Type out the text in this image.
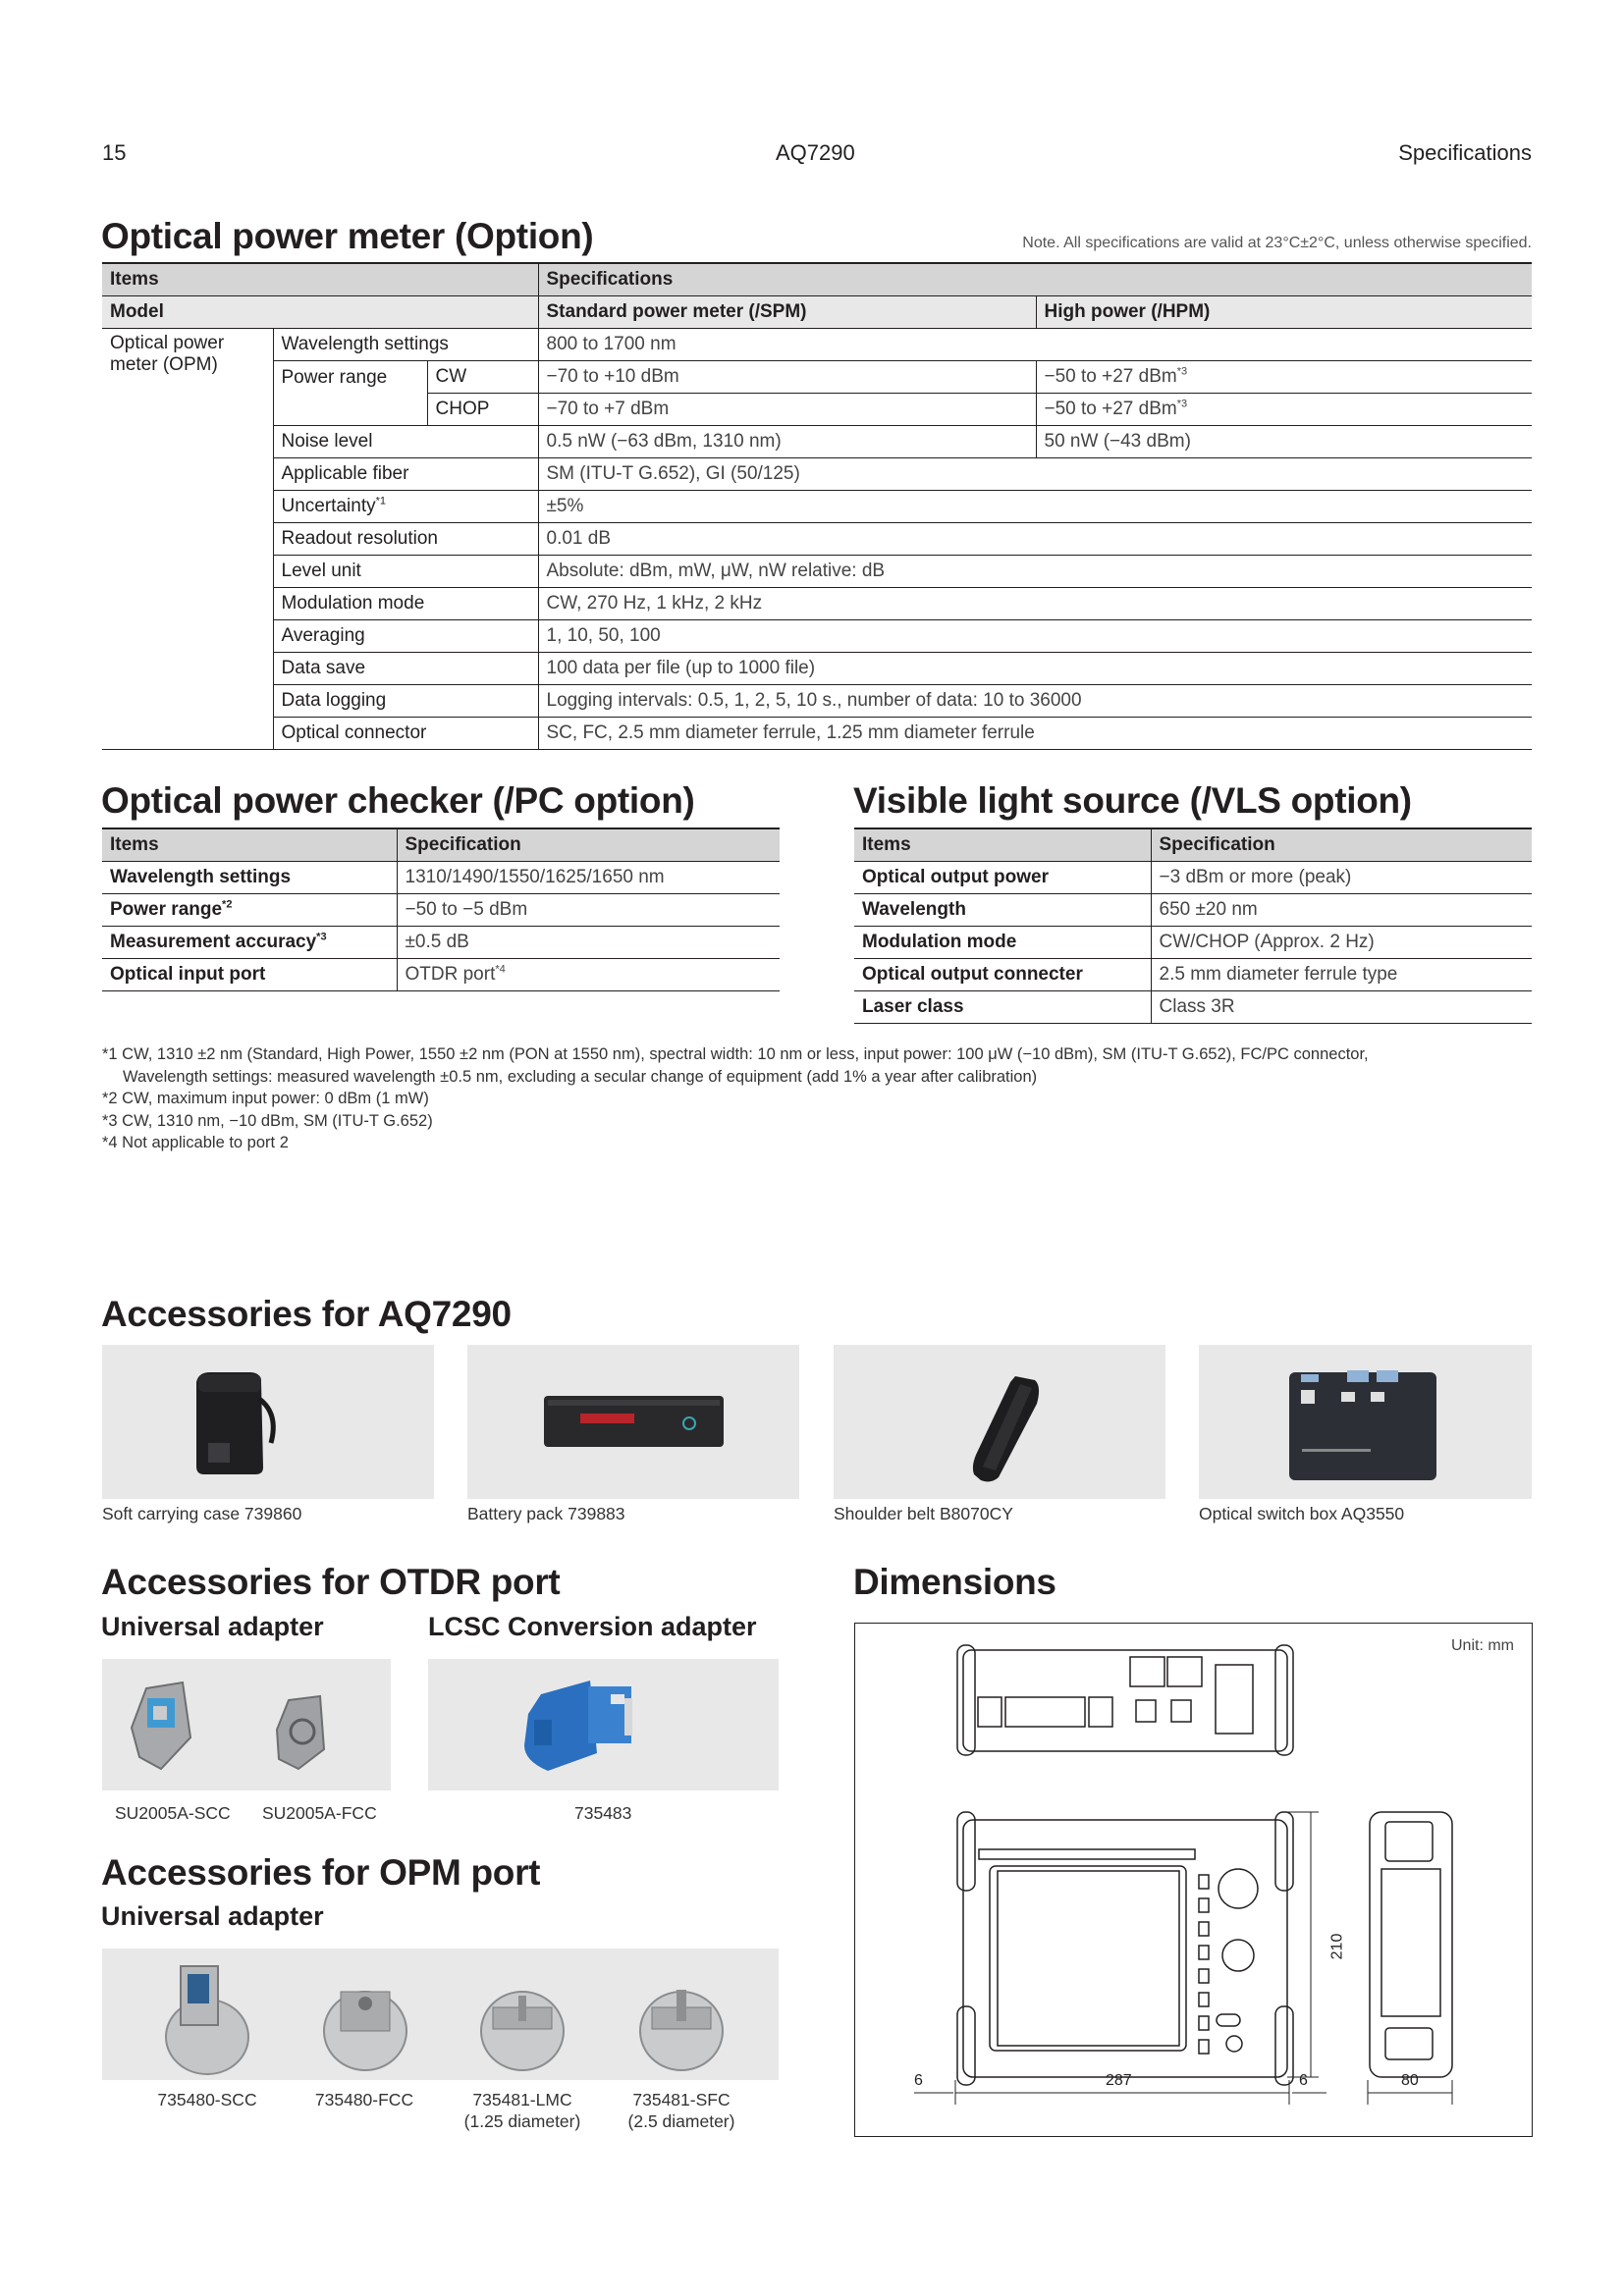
15	AQ7290	Specifications
Optical power meter (Option)	Note. All specifications are valid at 23°C±2°C, unless otherwise specified.
Items			Specifications	
Model			Standard power meter (/SPM)	High power (/HPM)
Optical power meter (OPM)	Wavelength settings		800 to 1700 nm	
	Power range	CW	−70 to +10 dBm	−50 to +27 dBm$^{*3}$
		CHOP	−70 to +7 dBm	−50 to +27 dBm$^{*3}$
	Noise level		0.5 nW (−63 dBm, 1310 nm)	50 nW (−43 dBm)
	Applicable fiber		SM (ITU-T G.652), GI (50/125)	
	Uncertainty$^{*1}$		±5%	
	Readout resolution		0.01 dB	
	Level unit		Absolute: dBm, mW, μW, nW relative: dB	
	Modulation mode		CW, 270 Hz, 1 kHz, 2 kHz	
	Averaging		1, 10, 50, 100	
	Data save		100 data per file (up to 1000 file)	
	Data logging		Logging intervals: 0.5, 1, 2, 5, 10 s., number of data: 10 to 36000	
	Optical connector		SC, FC, 2.5 mm diameter ferrule, 1.25 mm diameter ferrule	
Optical power checker (/PC option)
Items	Specification
Wavelength settings	1310/1490/1550/1625/1650 nm
Power range$^{*2}$	−50 to −5 dBm
Measurement accuracy$^{*3}$	±0.5 dB
Optical input port	OTDR port$^{*4}$
Visible light source (/VLS option)
Items	Specification
Optical output power	−3 dBm or more (peak)
Wavelength	650 ±20 nm
Modulation mode	CW/CHOP (Approx. 2 Hz)
Optical output connecter	2.5 mm diameter ferrule type
Laser class	Class 3R
*1 CW, 1310 ±2 nm (Standard, High Power, 1550 ±2 nm (PON at 1550 nm), spectral width: 10 nm or less, input power: 100 μW (−10 dBm), SM (ITU-T G.652), FC/PC connector,
Wavelength settings: measured wavelength ±0.5 nm, excluding a secular change of equipment (add 1% a year after calibration)
*2 CW, maximum input power: 0 dBm (1 mW)
*3 CW, 1310 nm, −10 dBm, SM (ITU-T G.652)
*4 Not applicable to port 2
Accessories for AQ7290
Soft carrying case 739860	Battery pack 739883	Shoulder belt B8070CY	Optical switch box AQ3550
Accessories for OTDR port
Universal adapter	LCSC Conversion adapter
SU2005A-SCC SU2005A-FCC	735483
Accessories for OPM port
Universal adapter
735480-SCC	735480-FCC	735481-LMC
(1.25 diameter)
735481-SFC
(2.5 diameter)
Dimensions
Unit: mm
6	287	6
210
80
